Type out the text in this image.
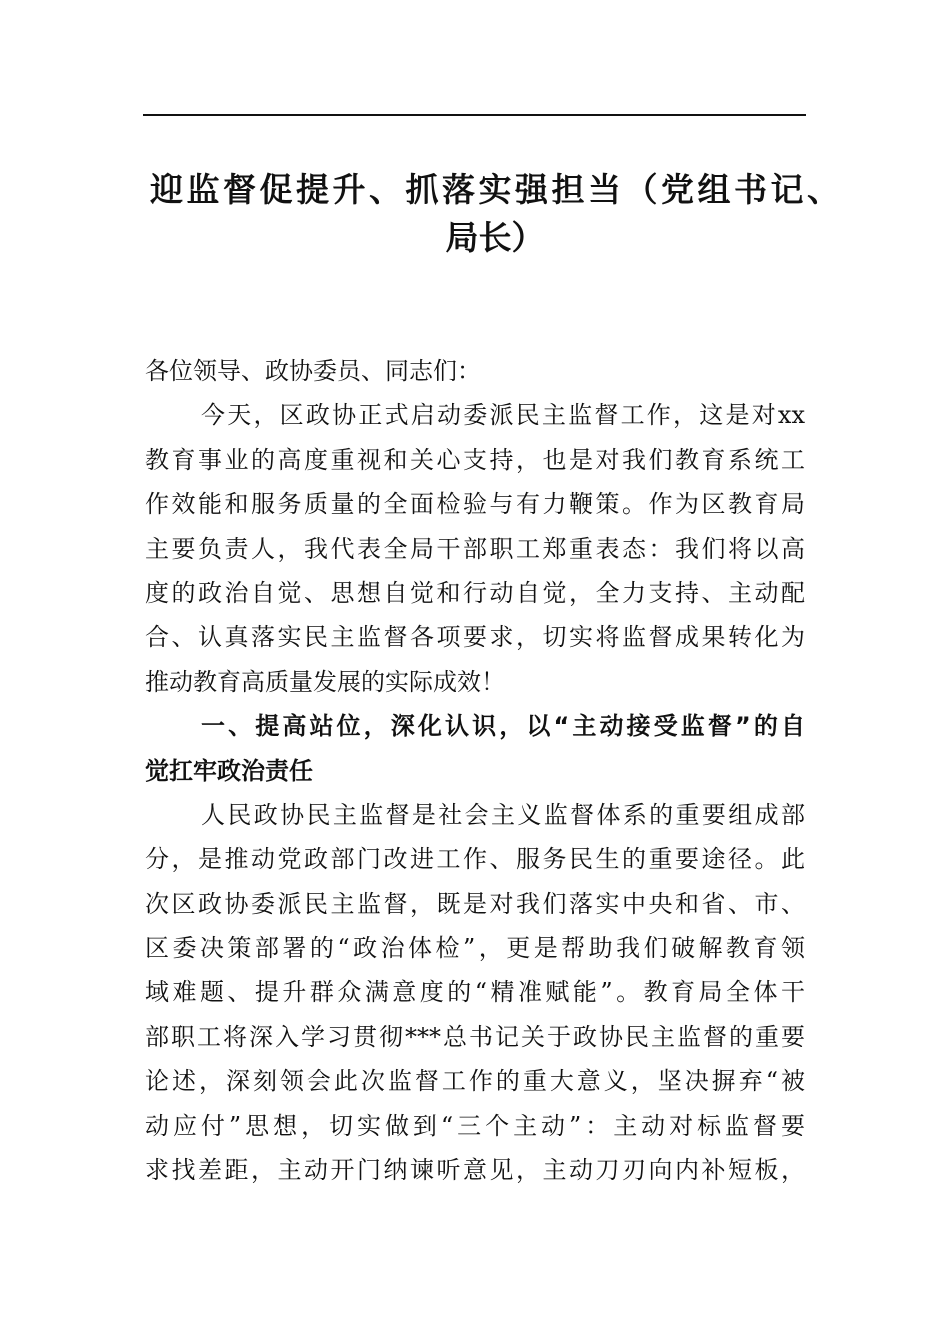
迎监督促提升、抓落实强担当（党组书记、
局长）
各位领导、政协委员、同志们：
今天，区政协正式启动委派民主监督工作，这是对xx
教育事业的高度重视和关心支持，也是对我们教育系统工
作效能和服务质量的全面检验与有力鞭策。作为区教育局
主要负责人，我代表全局干部职工郑重表态：我们将以高
度的政治自觉、思想自觉和行动自觉，全力支持、主动配
合、认真落实民主监督各项要求，切实将监督成果转化为
推动教育高质量发展的实际成效！
一、提高站位，深化认识，以“主动接受监督”的自
觉扛牢政治责任
人民政协民主监督是社会主义监督体系的重要组成部
分，是推动党政部门改进工作、服务民生的重要途径。此
次区政协委派民主监督，既是对我们落实中央和省、市、
区委决策部署的“政治体检”，更是帮助我们破解教育领
域难题、提升群众满意度的“精准赋能”。教育局全体干
部职工将深入学习贯彻***总书记关于政协民主监督的重要
论述，深刻领会此次监督工作的重大意义，坚决摒弃“被
动应付”思想，切实做到“三个主动”：主动对标监督要
求找差距，主动开门纳谏听意见，主动刀刃向内补短板，
